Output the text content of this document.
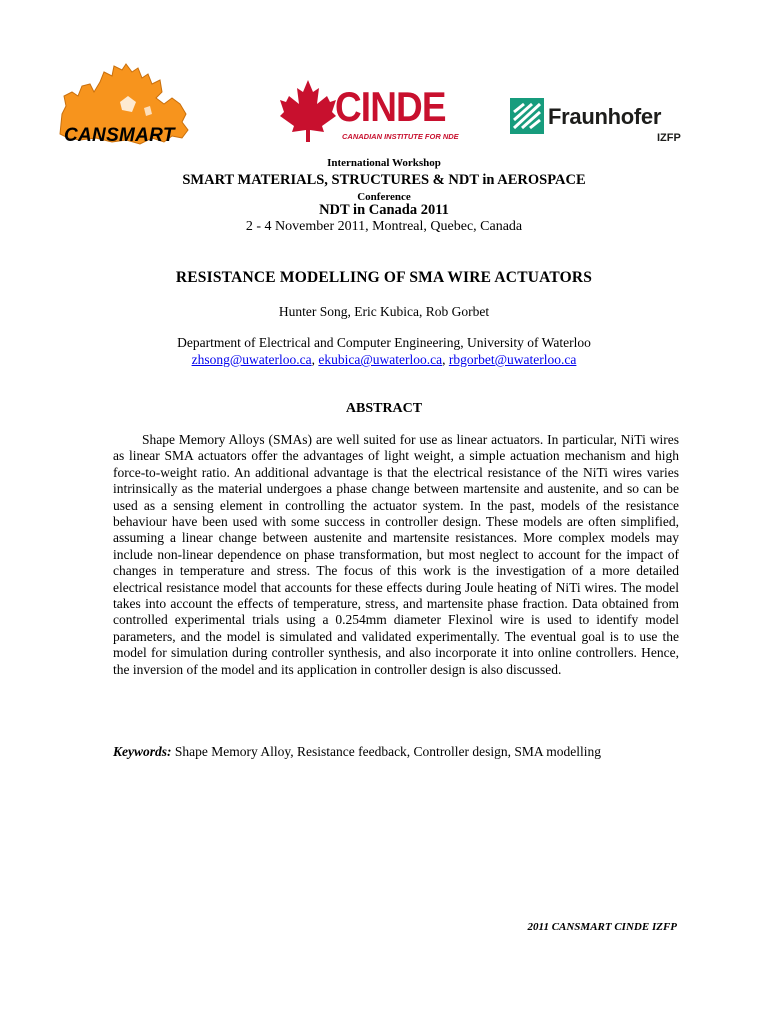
CANSMART
CINDE
CANADIAN INSTITUTE FOR NDE
Fraunhofer
IZFP
International Workshop
SMART MATERIALS, STRUCTURES & NDT in AEROSPACE
Conference
NDT in Canada 2011
2 - 4 November 2011, Montreal, Quebec, Canada
RESISTANCE MODELLING OF SMA WIRE ACTUATORS
Hunter Song, Eric Kubica, Rob Gorbet
Department of Electrical and Computer Engineering, University of Waterloo
zhsong@uwaterloo.ca, ekubica@uwaterloo.ca, rbgorbet@uwaterloo.ca
ABSTRACT
Shape Memory Alloys (SMAs) are well suited for use as linear actuators. In particular, NiTi wires as linear SMA actuators offer the advantages of light weight, a simple actuation mechanism and high force-to-weight ratio. An additional advantage is that the electrical resistance of the NiTi wires varies intrinsically as the material undergoes a phase change between martensite and austenite, and so can be used as a sensing element in controlling the actuator system. In the past, models of the resistance behaviour have been used with some success in controller design. These models are often simplified, assuming a linear change between austenite and martensite resistances. More complex models may include non-linear dependence on phase transformation, but most neglect to account for the impact of changes in temperature and stress. The focus of this work is the investigation of a more detailed electrical resistance model that accounts for these effects during Joule heating of NiTi wires. The model takes into account the effects of temperature, stress, and martensite phase fraction. Data obtained from controlled experimental trials using a 0.254mm diameter Flexinol wire is used to identify model parameters, and the model is simulated and validated experimentally. The eventual goal is to use the model for simulation during controller synthesis, and also incorporate it into online controllers. Hence, the inversion of the model and its application in controller design is also discussed.
Keywords: Shape Memory Alloy, Resistance feedback, Controller design, SMA modelling
2011 CANSMART CINDE IZFP
